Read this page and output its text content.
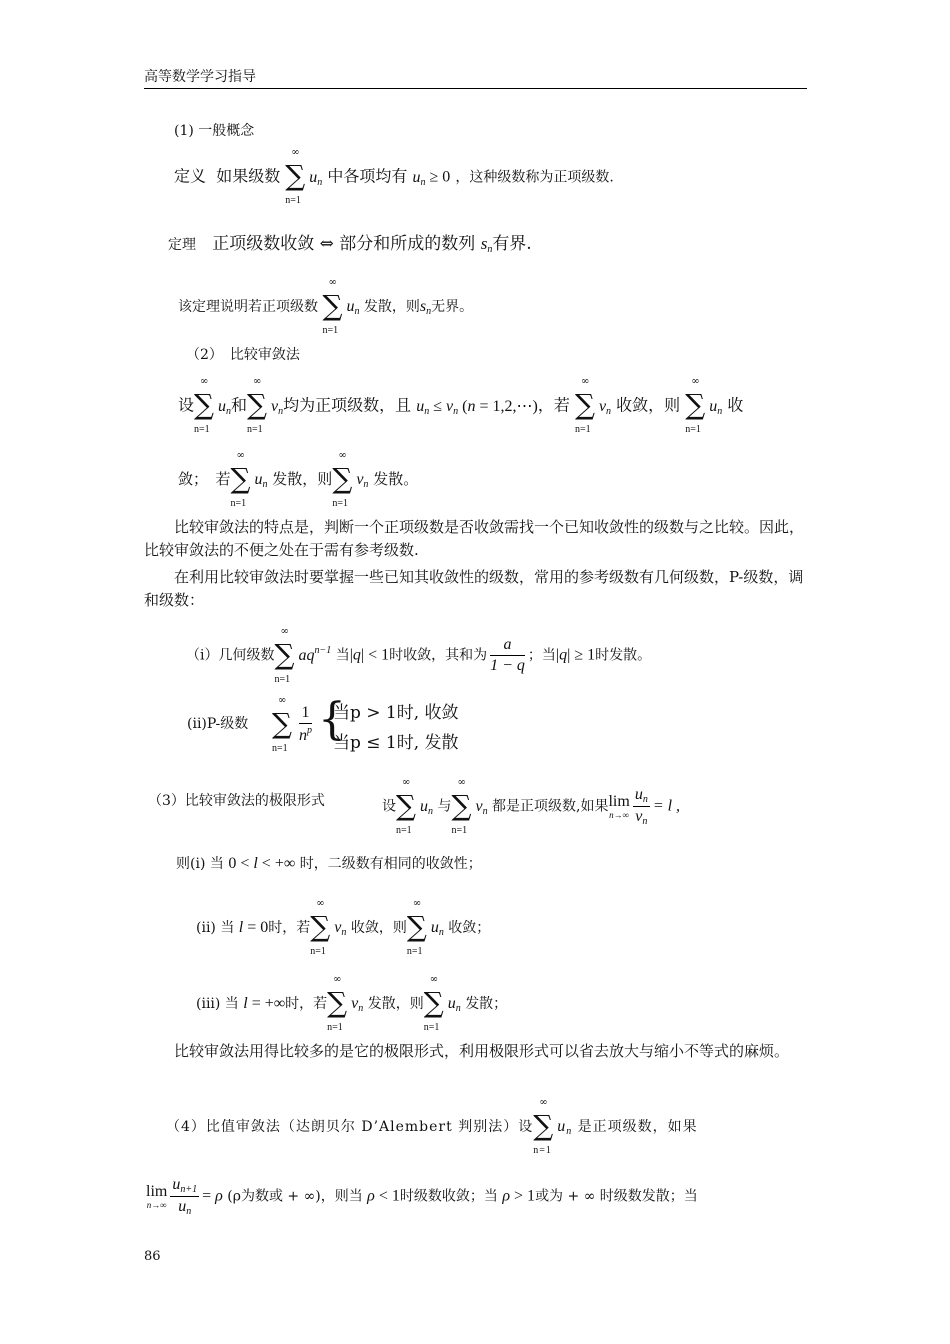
高等数学学习指导
(1) 一般概念
定义 如果级数 ∑
∞
n=1
un 中各项均有 un ≥ 0 ，这种级数称为正项级数.
定理 正项级数收敛 ⇔ 部分和所成的数列 sn有界.
该定理说明若正项级数 ∑
∞
n=1
un 发散，则sn无界。
（2）　比较审敛法
设 ∑
∞
n=1
un和 ∑
∞
n=1
vn均为正项级数，且 un ≤ vn (n = 1,2,⋯)，若 ∑
∞
n=1
vn 收敛，则 ∑
∞
n=1
un 收
敛；　若 ∑
∞
n=1
un 发散，则 ∑
∞
n=1
vn 发散。
比较审敛法的特点是，判断一个正项级数是否收敛需找一个已知收敛性的级数与之比较。因此，比较审敛法的不便之处在于需有参考级数.
在利用比较审敛法时要掌握一些已知其收敛性的级数，常用的参考级数有几何级数，P-级数，调和级数：
（i）几何级数 ∑
∞
n=1
$aq^{n-1}$ 当|q| < 1时收敛，其和为 $\frac{a}{1 - q}$ ；当|q| ≥ 1时发散。
(ii)P-级数 ∑
∞
n=1
$\frac{1}{n^p}$ {
当p > 1时, 收敛
当p ≤ 1时, 发散
（3）比较审敛法的极限形式	设 ∑
∞
n=1
un 与 ∑
∞
n=1
vn 都是正项级数,如果 lim
$n\to\infty \frac{un}{vn} = l$ ,
则(i) 当 0 < l < +∞ 时，二级数有相同的收敛性；
(ii) 当 l = 0时，若 ∑
∞
n=1
vn 收敛，则 ∑
∞
n=1
un 收敛；
(iii) 当 l = +∞时，若 ∑
∞
n=1
vn 发散，则 ∑
∞
n=1
un 发散；
比较审敛法用得比较多的是它的极限形式，利用极限形式可以省去放大与缩小不等式的麻烦。
（4）比值审敛法（达朗贝尔 D’Alembert 判别法）设 ∑
∞
n=1
un 是正项级数，如果
lim
$n\to\infty \frac{un+1}{un} = \rho$ (ρ为数或 + ∞)，则当 ρ < 1时级数收敛；当 ρ > 1或为 + ∞ 时级数发散；当
86
